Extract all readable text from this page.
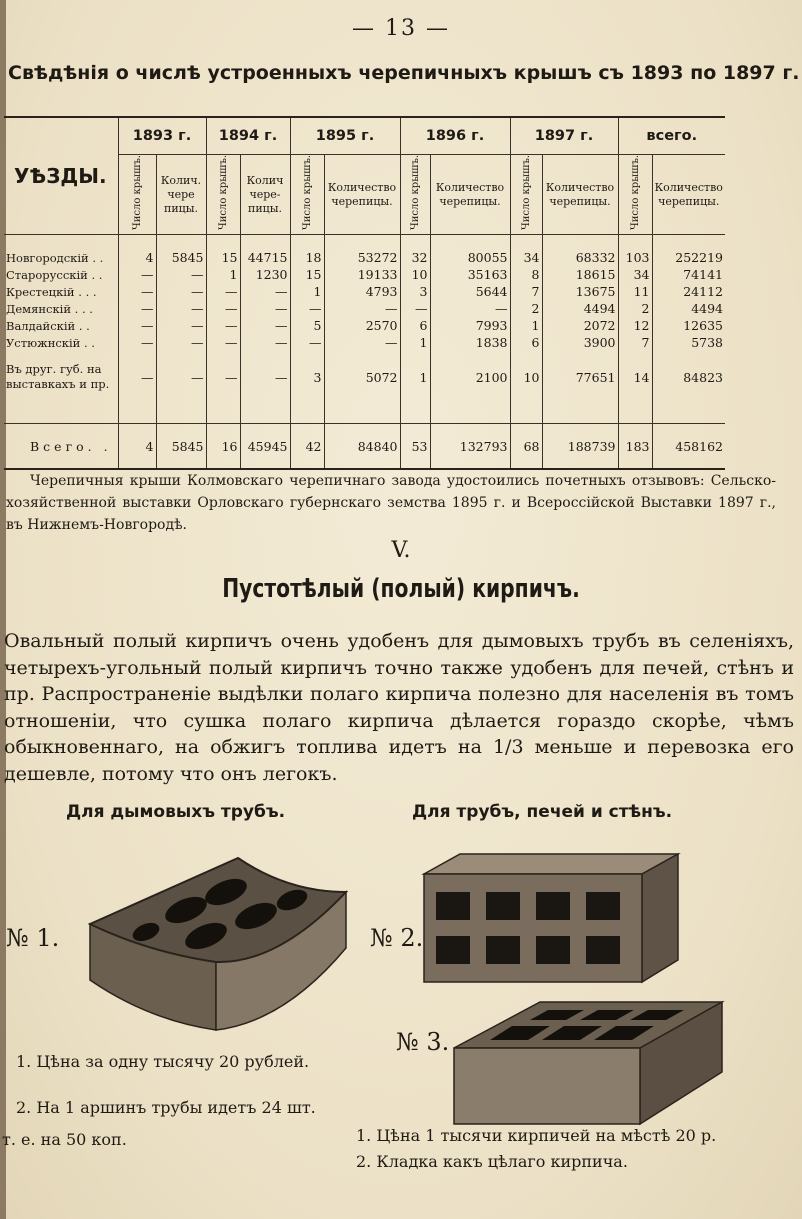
— 13 —
Свѣдѣнія о числѣ устроенныхъ черепичныхъ крышъ съ 1893 по 1897 г.
УѢЗДЫ.	1893 г.		1894 г.		1895 г.		1896 г.		1897 г.		всего.	
	Число крышъ.	Колич. чере пицы.	Число крышъ.	Колич черe- пицы.	Число крышъ.	Количество черепицы.	Число крышъ.	Количество черепицы.	Число крышъ.	Количество черепицы.	Число крышъ.	Количество черепицы.

Новгородскій . .	4	5845	15	44715	18	53272	32	80055	34	68332	103	252219
Старорусскій . .	—	—	1	1230	15	19133	10	35163	8	18615	34	74141
Крестецкій . . .	—	—	—	—	1	4793	3	5644	7	13675	11	24112
Демянскій . . .	—	—	—	—	—	—	—	—	2	4494	2	4494
Валдайскій . .	—	—	—	—	5	2570	6	7993	1	2072	12	12635
Устюжнскій . .	—	—	—	—	—	—	1	1838	6	3900	7	5738

Въ друг. губ. на
выставкахъ и пр.	—	—	—	—	3	5072	1	2100	10	77651	14	84823

Всего. .	4	5845	16	45945	42	84840	53	132793	68	188739	183	458162
Черепичныя крыши Колмовскаго черепичнаго завода удостоились почетныхъ отзывовъ: Сельско-хозяйственной выставки Орловскаго губернскаго земства 1895 г. и Всероссійской Выставки 1897 г., въ Нижнемъ-Новгородѣ.
V.
Пустотѣлый (полый) кирпичъ.
Овальный полый кирпичъ очень удобенъ для дымовыхъ трубъ въ селеніяхъ, четырехъ-угольный полый кирпичъ точно также удобенъ для печей, стѣнъ и пр. Распространеніе выдѣлки полаго кирпича полезно для населенія въ томъ отношеніи, что сушка полаго кирпича дѣлается гораздо скорѣе, чѣмъ обыкновеннаго, на обжигъ топлива идетъ на 1/3 меньше и перевозка его дешевле, потому что онъ легокъ.
Для дымовыхъ трубъ.	Для трубъ, печей и стѣнъ.
№ 1.	№ 2.
№ 3.
1. Цѣна за одну тысячу 20 рублей.
2. На 1 аршинъ трубы идетъ 24 шт.
т. е. на 50 коп.	1. Цѣна 1 тысячи кирпичей на мѣстѣ 20 р.
2. Кладка какъ цѣлаго кирпича.
